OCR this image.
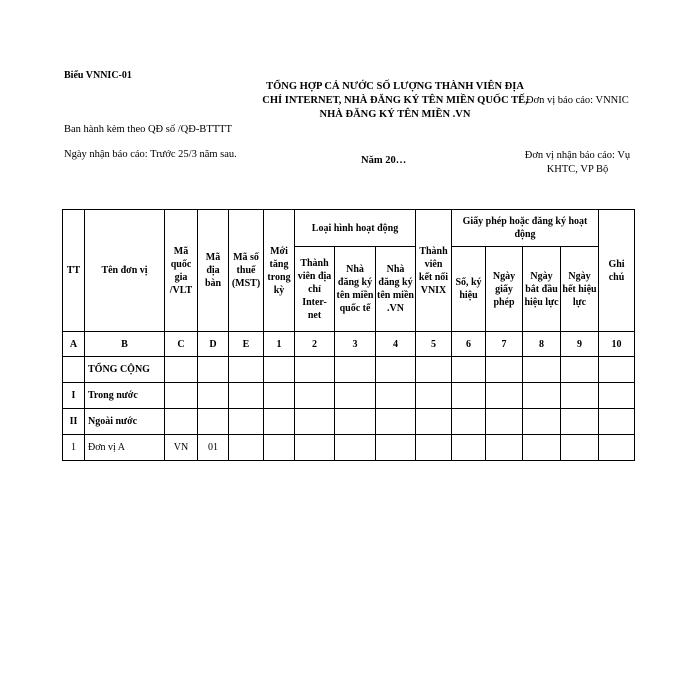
Biểu VNNIC-01
TỔNG HỢP CẢ NƯỚC SỐ LƯỢNG THÀNH VIÊN ĐỊA
CHỈ INTERNET, NHÀ ĐĂNG KÝ TÊN MIỀN QUỐC TẾ,
NHÀ ĐĂNG KÝ TÊN MIỀN .VN
Đơn vị báo cáo: VNNIC
Ban hành kèm theo QĐ số /QĐ-BTTTT
Ngày nhận báo cáo: Trước 25/3 năm sau.
Năm 20…	Đơn vị nhận báo cáo: Vụ
KHTC, VP Bộ
TT	Tên đơn vị	Mã quốc gia /VLT	Mã địa bàn	Mã số thuế (MST)	Mới tăng trong kỳ	Loại hình hoạt động			Thành viên kết nối VNIX	Giấy phép hoặc đăng ký hoạt động				Ghi chú
						Thành viên địa chỉ Inter- net	Nhà đăng ký tên miền quốc tế	Nhà đăng ký tên miền .VN		Số, ký hiệu	Ngày giấy phép	Ngày bắt đầu hiệu lực	Ngày hết hiệu lực	
A	B	C	D	E	1	2	3	4	5	6	7	8	9	10
	TỔNG CỘNG													
I	Trong nước													
II	Ngoài nước													
1	Đơn vị A	VN	01											
